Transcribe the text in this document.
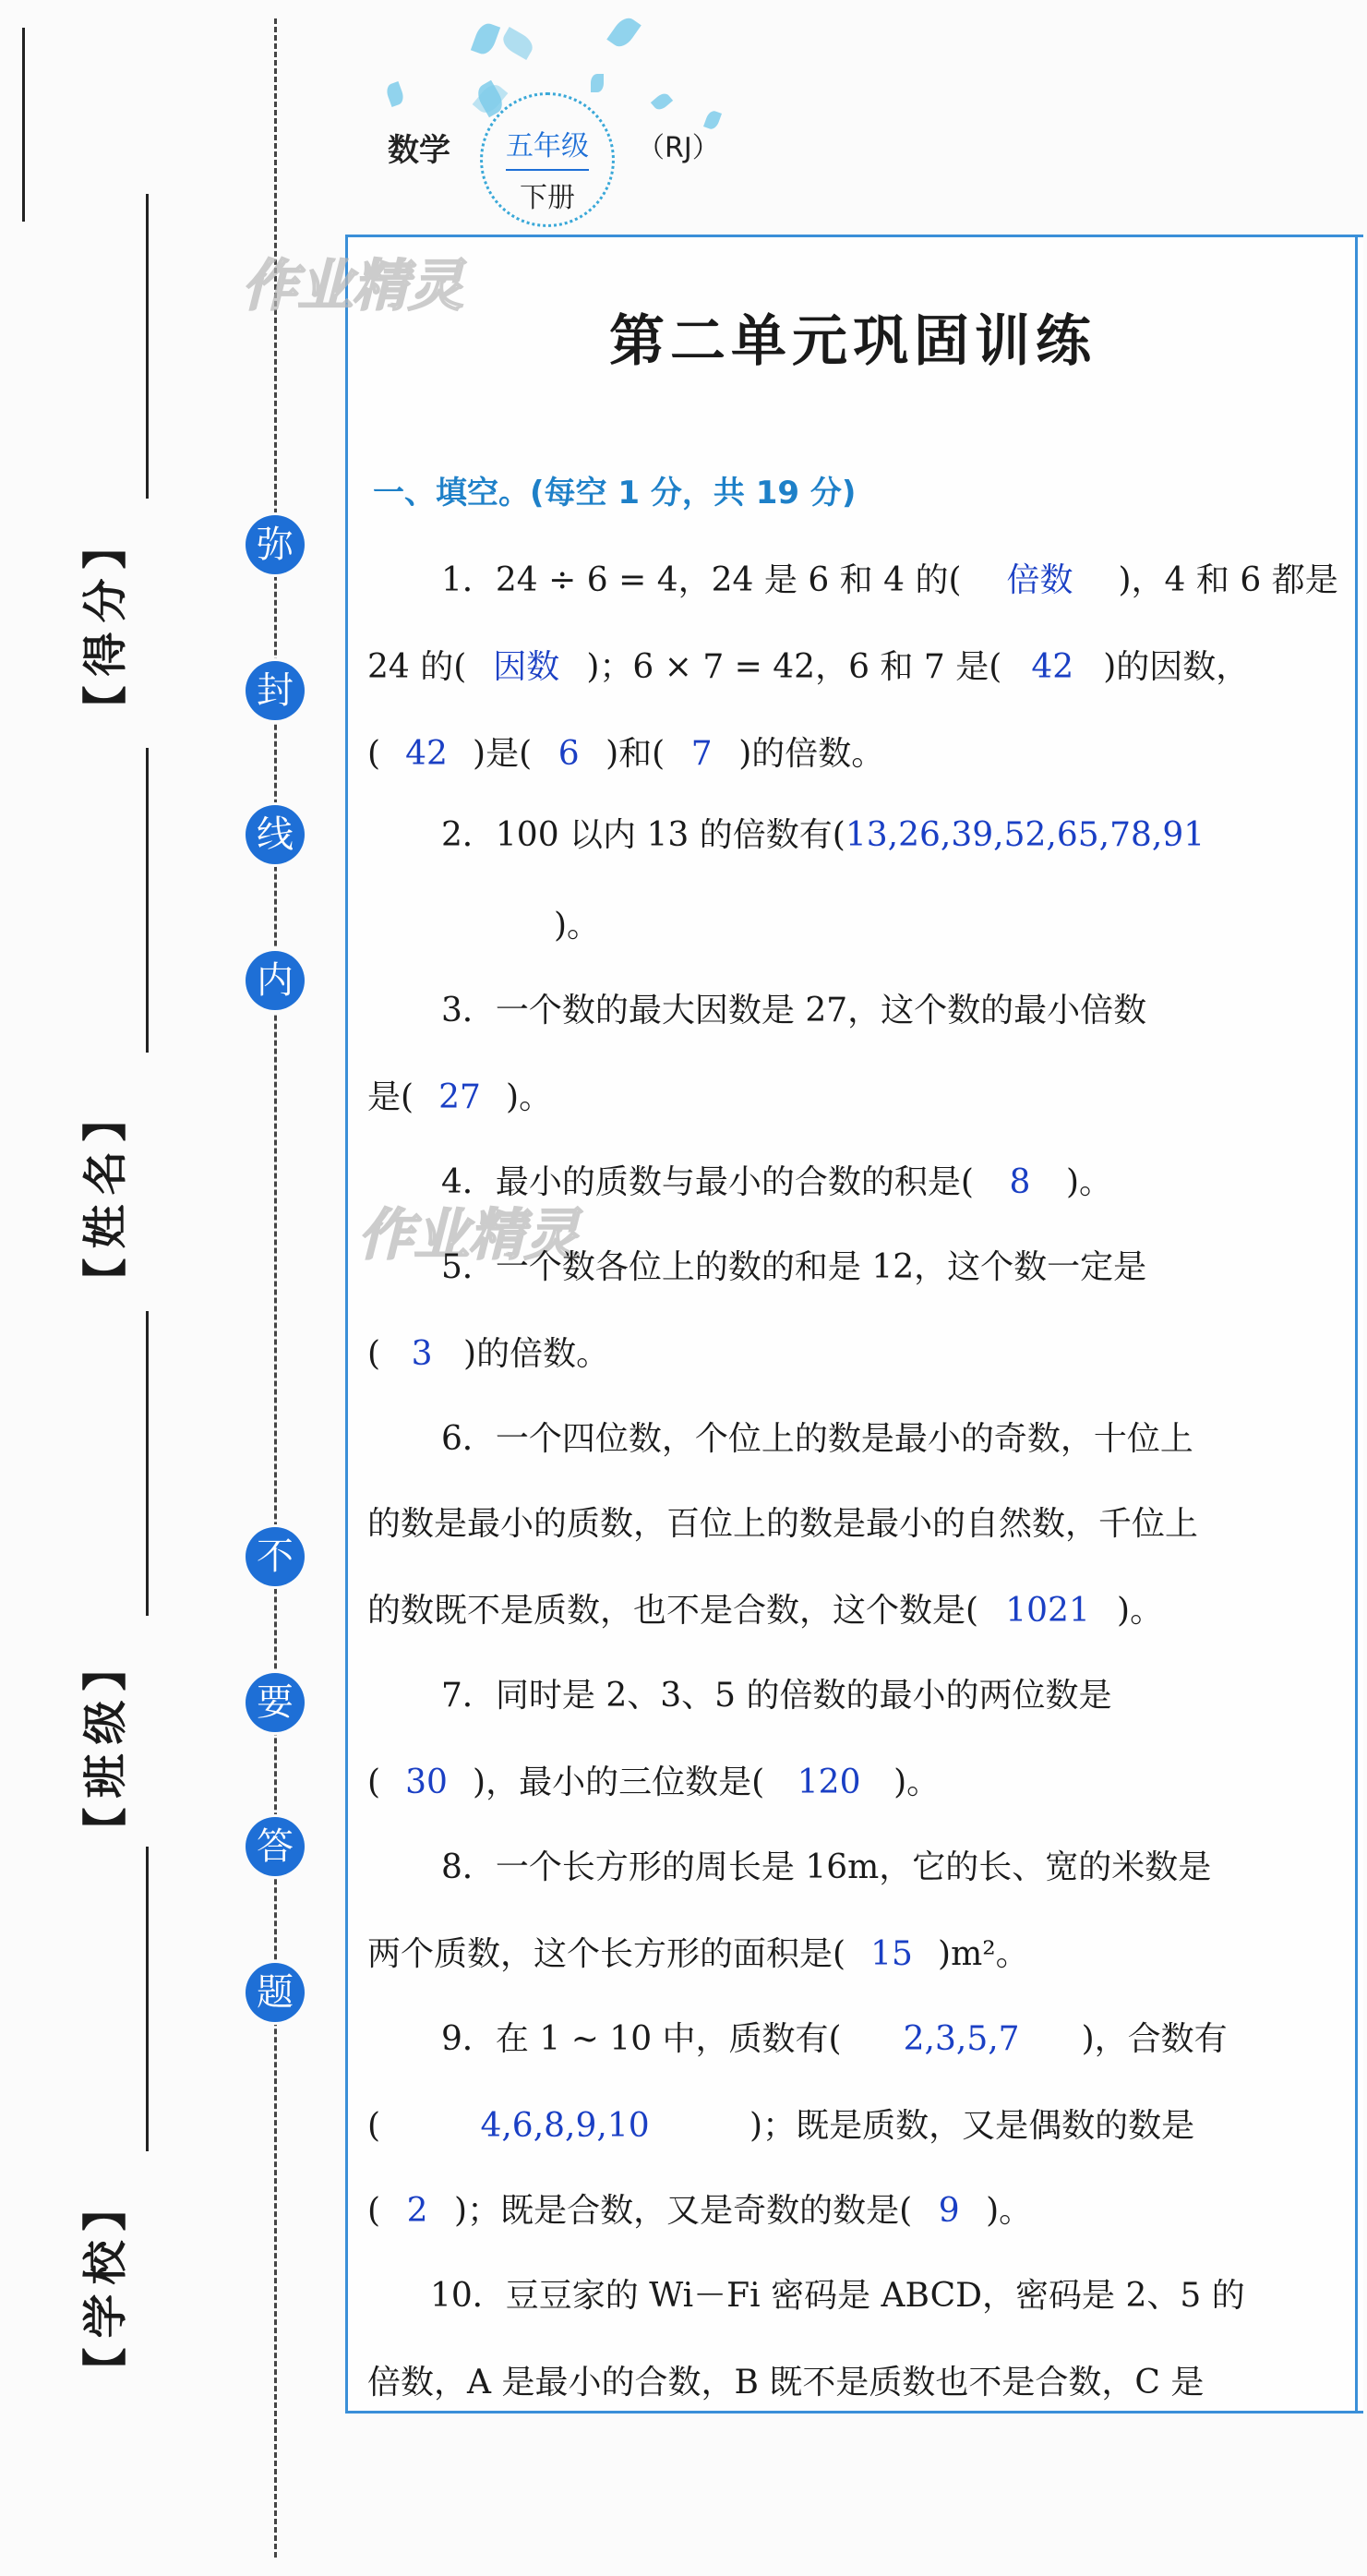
【得分】
【姓名】
【班级】
【学校】
弥
封
线
内
不
要
答
题
数学	五年级
下册
（RJ）
作业精灵
作业精灵
第二单元巩固训练
一、填空。(每空 1 分，共 19 分)
1．24 ÷ 6 = 4，24 是 6 和 4 的( 倍数 )，4 和 6 都是
24 的( 因数 )；6 × 7 = 42，6 和 7 是( 42 )的因数，
( 42 )是( 6 )和( 7 )的倍数。
2．100 以内 13 的倍数有(13,26,39,52,65,78,91
)。
3．一个数的最大因数是 27，这个数的最小倍数
是( 27 )。
4．最小的质数与最小的合数的积是( 8 )。
5．一个数各位上的数的和是 12，这个数一定是
( 3 )的倍数。
6．一个四位数，个位上的数是最小的奇数，十位上
的数是最小的质数，百位上的数是最小的自然数，千位上
的数既不是质数，也不是合数，这个数是( 1021 )。
7．同时是 2、3、5 的倍数的最小的两位数是
( 30 )，最小的三位数是( 120 )。
8．一个长方形的周长是 16m，它的长、宽的米数是
两个质数，这个长方形的面积是( 15 )m²。
9．在 1 ~ 10 中，质数有( 2,3,5,7 )，合数有
(	4,6,8,9,10	)；既是质数，又是偶数的数是
( 2 )；既是合数，又是奇数的数是( 9 )。
10．豆豆家的 Wi－Fi 密码是 ABCD，密码是 2、5 的
倍数，A 是最小的合数，B 既不是质数也不是合数，C 是
